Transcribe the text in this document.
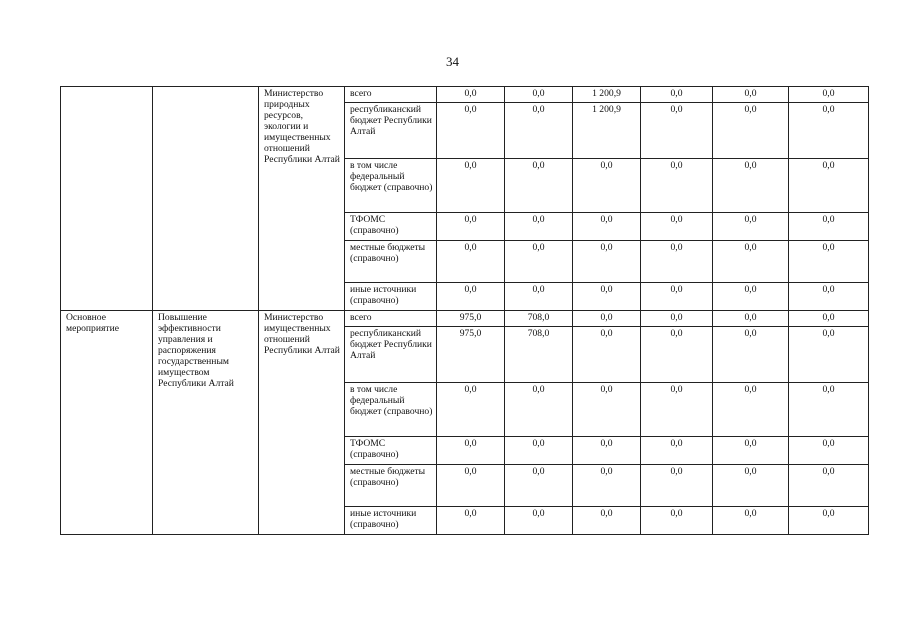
34
		Министерство природных ресурсов, экологии и имущественных отношений Республики Алтай	всего	0,0	0,0	1 200,9	0,0	0,0	0,0
			республиканский бюджет Республики Алтай	0,0	0,0	1 200,9	0,0	0,0	0,0
			в том числе федеральный бюджет (справочно)	0,0	0,0	0,0	0,0	0,0	0,0
			ТФОМС (справочно)	0,0	0,0	0,0	0,0	0,0	0,0
			местные бюджеты (справочно)	0,0	0,0	0,0	0,0	0,0	0,0
			иные источники (справочно)	0,0	0,0	0,0	0,0	0,0	0,0
Основное мероприятие	Повышение эффективности управления и распоряжения государственным имуществом Республики Алтай	Министерство имущественных отношений Республики Алтай	всего	975,0	708,0	0,0	0,0	0,0	0,0
			республиканский бюджет Республики Алтай	975,0	708,0	0,0	0,0	0,0	0,0
			в том числе федеральный бюджет (справочно)	0,0	0,0	0,0	0,0	0,0	0,0
			ТФОМС (справочно)	0,0	0,0	0,0	0,0	0,0	0,0
			местные бюджеты (справочно)	0,0	0,0	0,0	0,0	0,0	0,0
			иные источники (справочно)	0,0	0,0	0,0	0,0	0,0	0,0
